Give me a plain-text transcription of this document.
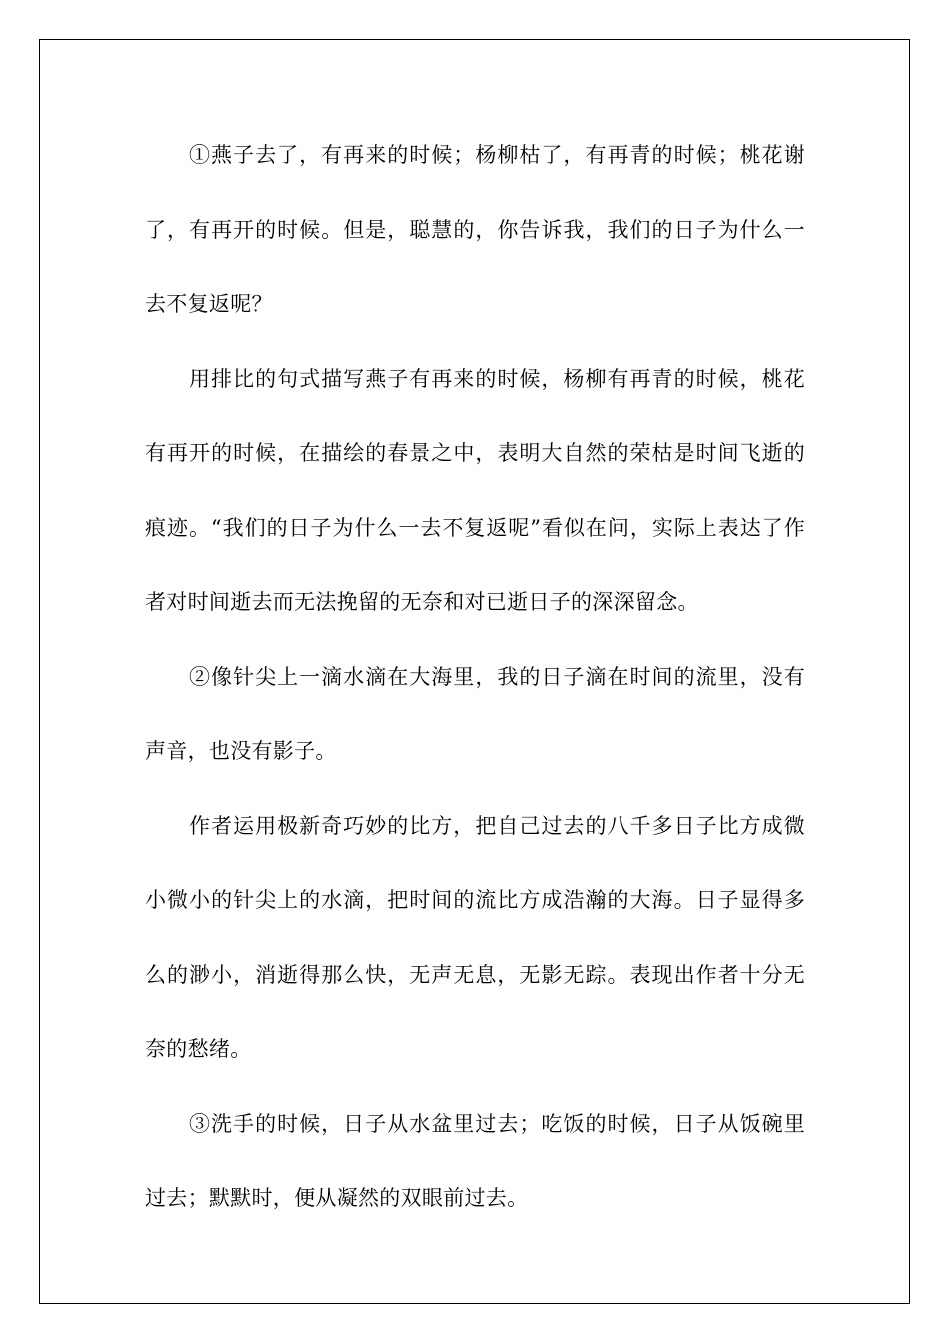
①燕子去了，有再来的时候；杨柳枯了，有再青的时候；桃花谢了，有再开的时候。但是，聪慧的，你告诉我，我们的日子为什么一去不复返呢？

用排比的句式描写燕子有再来的时候，杨柳有再青的时候，桃花有再开的时候，在描绘的春景之中，表明大自然的荣枯是时间飞逝的痕迹。“我们的日子为什么一去不复返呢”看似在问，实际上表达了作者对时间逝去而无法挽留的无奈和对已逝日子的深深留念。

②像针尖上一滴水滴在大海里，我的日子滴在时间的流里，没有声音，也没有影子。

作者运用极新奇巧妙的比方，把自己过去的八千多日子比方成微小微小的针尖上的水滴，把时间的流比方成浩瀚的大海。日子显得多么的渺小，消逝得那么快，无声无息，无影无踪。表现出作者十分无奈的愁绪。

③洗手的时候，日子从水盆里过去；吃饭的时候，日子从饭碗里过去；默默时，便从凝然的双眼前过去。
